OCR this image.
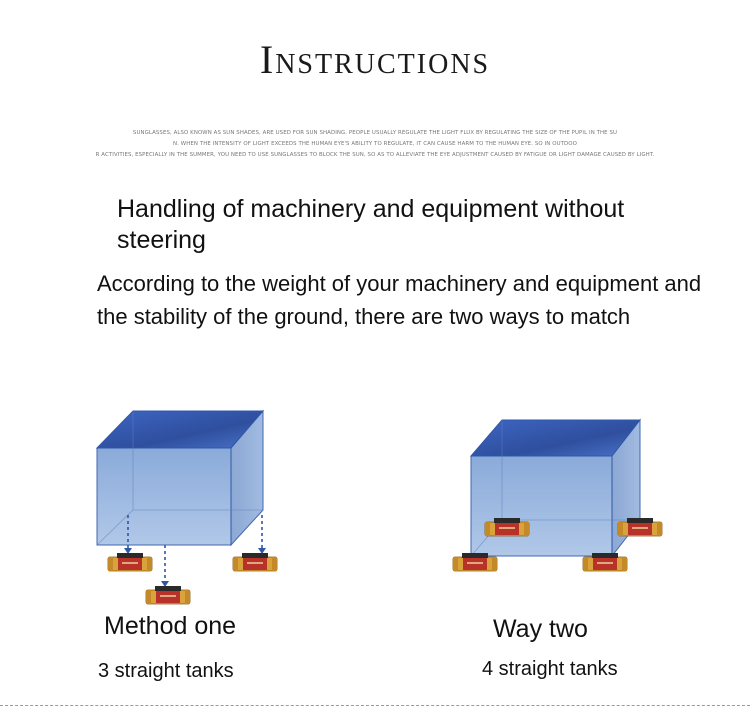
Instructions
SUNGLASSES, ALSO KNOWN AS SUN SHADES, ARE USED FOR SUN SHADING. PEOPLE USUALLY REGULATE THE LIGHT FLUX BY REGULATING THE SIZE OF THE PUPIL IN THE SU
N. WHEN THE INTENSITY OF LIGHT EXCEEDS THE HUMAN EYE'S ABILITY TO REGULATE, IT CAN CAUSE HARM TO THE HUMAN EYE. SO IN OUTDOO
R ACTIVITIES, ESPECIALLY IN THE SUMMER, YOU NEED TO USE SUNGLASSES TO BLOCK THE SUN, SO AS TO ALLEVIATE THE EYE ADJUSTMENT CAUSED BY FATIGUE OR LIGHT DAMAGE CAUSED BY LIGHT.
Handling of machinery and equipment without steering
According to the weight of your machinery and equipment and the stability of the ground, there are two ways to match
Method one
3 straight tanks
Way two
4 straight tanks
